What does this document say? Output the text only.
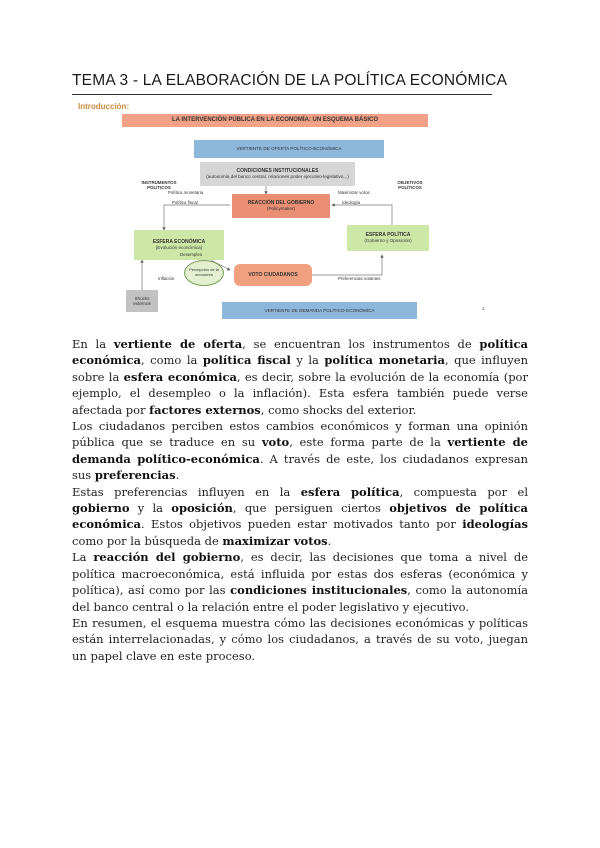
TEMA 3 - LA ELABORACIÓN DE LA POLÍTICA ECONÓMICA
Introducción:
LA INTERVENCIÓN PÚBLICA EN LA ECONOMÍA: UN ESQUEMA BÁSICO
VERTIENTE DE OFERTA POLÍTICO-ECONÓMICA
CONDICIONES INSTITUCIONALES
(autonomía del banco central, relaciones poder ejecutivo-legislativo...)
REACCIÓN DEL GOBIERNO
(Policymaker)
ESFERA ECONÓMICA
(Evolución económica)
ESFERA POLÍTICA
(Gobierno y Oposición)
Percepción de la economía	VOTO CIUDADANOS
Shocks externos
VERTIENTE DE DEMANDA POLÍTICO-ECONÓMICA
INSTRUMENTOS POLÍTICOS
OBJETIVOS POLÍTICOS
Política fiscal
Política monetaria	Maximizar votos
Ideología
Desempleo
Inflación	Preferencias votantes
1

En la vertiente de oferta, se encuentran los instrumentos de política económica, como la política fiscal y la política monetaria, que influyen sobre la esfera económica, es decir, sobre la evolución de la economía (por ejemplo, el desempleo o la inflación). Esta esfera también puede verse afectada por factores externos, como shocks del exterior.

Los ciudadanos perciben estos cambios económicos y forman una opinión pública que se traduce en su voto, este forma parte de la vertiente de demanda político-económica. A través de este, los ciudadanos expresan sus preferencias.

Estas preferencias influyen en la esfera política, compuesta por el gobierno y la oposición, que persiguen ciertos objetivos de política económica. Estos objetivos pueden estar motivados tanto por ideologías como por la búsqueda de maximizar votos.

La reacción del gobierno, es decir, las decisiones que toma a nivel de política macroeconómica, está influida por estas dos esferas (económica y política), así como por las condiciones institucionales, como la autonomía del banco central o la relación entre el poder legislativo y ejecutivo.

En resumen, el esquema muestra cómo las decisiones económicas y políticas están interrelacionadas, y cómo los ciudadanos, a través de su voto, juegan un papel clave en este proceso.
